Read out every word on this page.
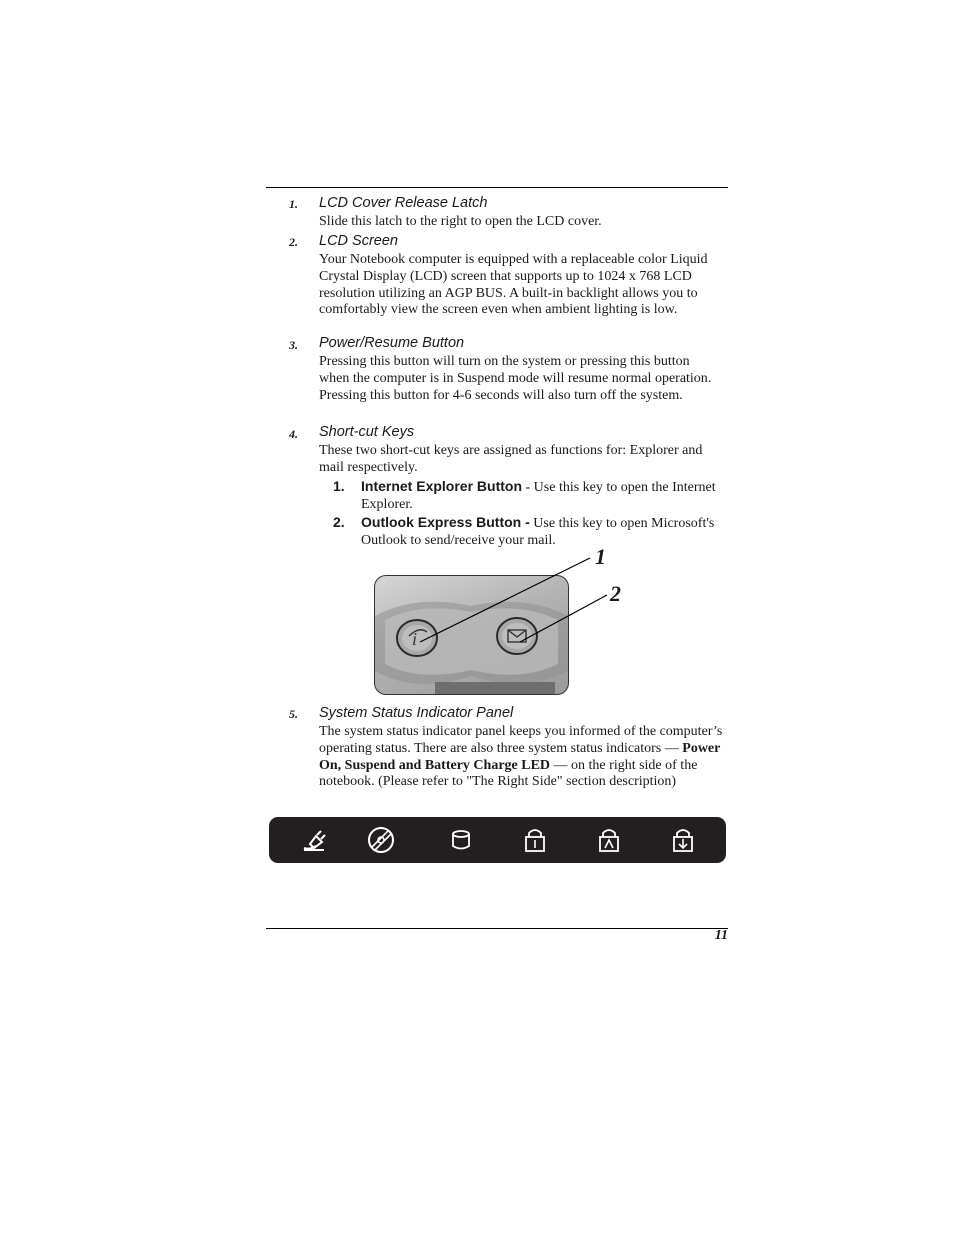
1. LCD Cover Release Latch

Slide this latch to the right to open the LCD cover.

2. LCD Screen

Your Notebook computer is equipped with a replaceable color Liquid Crystal Display (LCD) screen that supports up to 1024 x 768 LCD resolution utilizing an AGP BUS. A built-in backlight allows you to comfortably view the screen even when ambient lighting is low.

3. Power/Resume Button

Pressing this button will turn on the system or pressing this button when the computer is in Suspend mode will resume normal operation. Pressing this button for 4-6 seconds will also turn off the system.

4. Short-cut Keys

These two short-cut keys are assigned as functions for: Explorer and mail respectively.

1. Internet Explorer Button - Use this key to open the Internet Explorer.
2. Outlook Express Button - Use this key to open Microsoft's Outlook to send/receive your mail.
i
1
2
5. System Status Indicator Panel

The system status indicator panel keeps you informed of the computer’s operating status. There are also three system status indicators — Power On, Suspend and Battery Charge LED — on the right side of the notebook. (Please refer to "The Right Side" section description)

11
